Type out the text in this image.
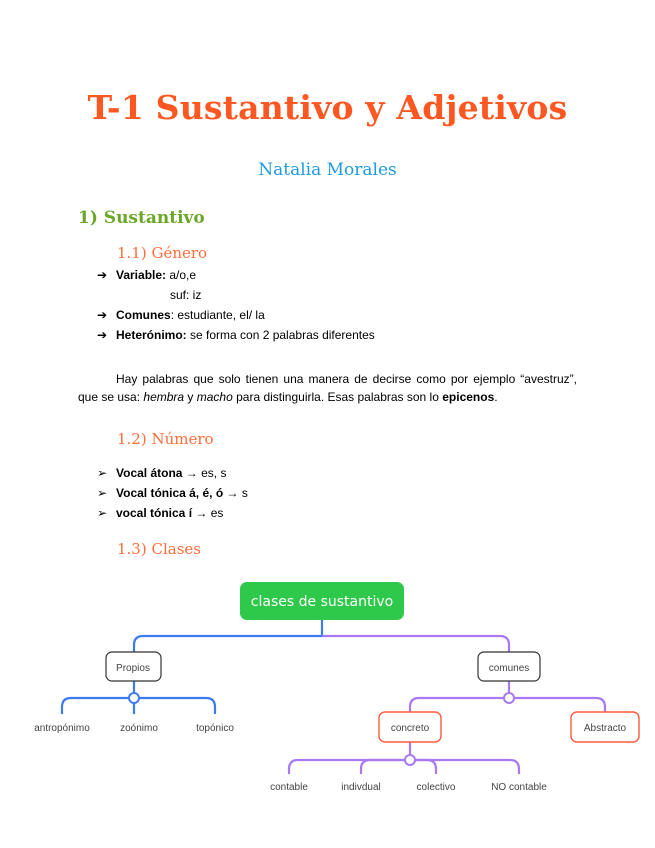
T-1 Sustantivo y Adjetivos
Natalia Morales
1) Sustantivo
1.1) Género
➔ Variable: a/o,e
suf: iz
➔ Comunes: estudiante, el/ la
➔ Heterónimo: se forma con 2 palabras diferentes
Hay palabras que solo tienen una manera de decirse como por ejemplo “avestruz”, que se usa: hembra y macho para distinguirla. Esas palabras son lo epicenos.
1.2) Número
➢ Vocal átona → es, s
➢ Vocal tónica á, é, ó → s
➢ vocal tónica í → es
1.3) Clases
clases de sustantivo
Propios	comunes
antropónimo	zoónimo	topónico	concreto	Abstracto
contable	indivdual	colectivo	NO contable
